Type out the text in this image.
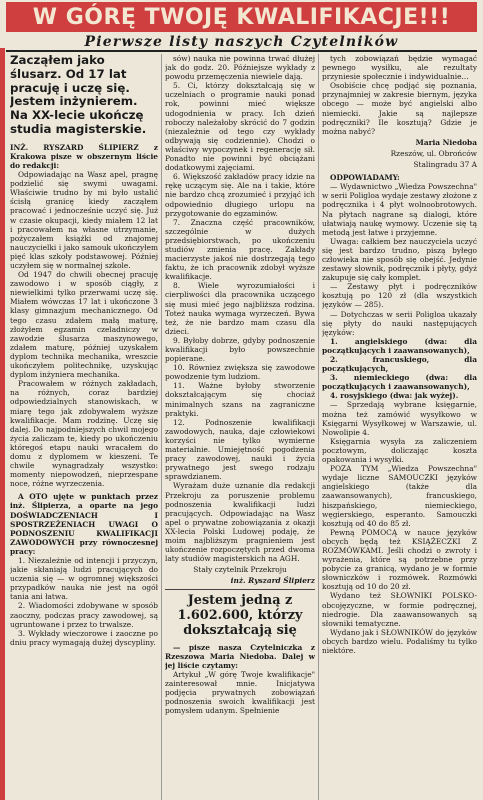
W GÓRĘ TWOJĘ KWALIFIKACJE!!!
Pierwsze listy naszych Czytelników
Zacząłem jako ślusarz. Od 17 lat pracuję i uczę się. Jestem inżynierem. Na XX-lecie ukończę studia magisterskie.

INŻ. RYSZARD ŚLIPIERZ z Krakowa pisze w obszernym liście do redakcji:

Odpowiadając na Wasz apel, pragnę podzielić się swymi uwagami. Właściwie trudno by mi było ustalić ścisłą granicę kiedy zacząłem pracować i jednocześnie uczyć się. Już w czasie okupacji, kiedy miałem 12 lat i pracowałem na własne utrzymanie, pożyczałem książki od znajomej nauczycielki i jako samouk ukończyłem pięć klas szkoły podstawowej. Później uczyłem się w normalnej szkole.

Od 1947 do chwili obecnej pracuję zawodowo i w sposób ciągły, z niewielkimi tylko przerwami uczę się. Miałem wówczas 17 lat i ukończone 3 klasy gimnazjum mechanicznego. Od tego czasu zdałem małą maturę, złożyłem egzamin czeladniczy w zawodzie ślusarza maszynowego, zdałem maturę, później uzyskałem dyplom technika mechanika, wreszcie ukończyłem politechnikę, uzyskując dyplom inżyniera mechanika.

Pracowałem w różnych zakładach, na różnych, coraz bardziej odpowiedzialnych stanowiskach, w miarę tego jak zdobywałem wyższe kwalifikacje. Mam rodzinę. Uczę się dalej. Do najpodniejszych chwil mojego życia zaliczam te, kiedy po ukończeniu któregoś etapu nauki wracałem do domu z dyplomem w kieszeni. Te chwile wynagradzały wszystko: momenty niepowodzeń, nieprzespane noce, różne wyrzeczenia.

A OTO ujęte w punktach przez inż. Ślipierza, a oparte na jego DOŚWIADCZENIACH I SPOSTRZEŻENIACH UWAGI O PODNOSZENIU KWALIFIKACJI ZAWODOWYCH przy równoczesnej pracy:

1. Niezależnie od intencji i przyczyn, jakie skłaniają ludzi pracujących do uczenia się — w ogromnej większości przypadków nauka nie jest na ogół tania ani łatwa.

2. Wiadomości zdobywane w sposób zaoczny, podczas pracy zawodowej, są ugruntowane i przez to trwalsze.

3. Wykłady wieczorowe i zaoczne po dniu pracy wymagają dużej dyscypliny.

sów) nauka nie powinna trwać dłużej jak do godz. 20. Późniejsze wykłady z powodu przemęczenia niewiele dają.

5. Ci, którzy dokształcają się w uczelniach o programie nauki ponad rok, powinni mieć większe udogodnienia w pracy. Ich dzień roboczy należałoby skrócić do 7 godzin (niezależnie od tego czy wykłady odbywają się codziennie). Chodzi o właściwy wypoczynek i regenerację sił. Ponadto nie powinni być obciążani dodatkowymi zajęciami.

6. Większość zakładów pracy idzie na rękę uczącym się. Ale na i takie, które nie bardzo chcą zrozumieć i przyjąć ich odpowiednio długiego urlopu na przygotowanie do egzaminów.

7. Znaczna część pracowników, szczególnie w dużych przedsiębiorstwach, po ukończeniu studiów zmienia pracę. Zakłady macierzyste jakoś nie dostrzegają tego faktu, że ich pracownik zdobył wyższe kwalifikacje.

8. Wiele wyrozumiałości i cierpliwości dla pracownika uczącego się musi mieć jego najbliższa rodzina. Toteż nauka wymaga wyrzeczeń. Bywa też, że nie bardzo mam czasu dla dzieci.

9. Byłoby dobrze, gdyby podnoszenie kwalifikacji było powszechnie popierane.

10. Równiez zwiększa się zawodowe powodzenie tym ludziom.

11. Ważne byłoby stworzenie dokształcającym się chociaż minimalnych szans na zagraniczne praktyki.

12. Podnoszenie kwalifikacji zawodowych, nauka, daje człowiekowi korzyści nie tylko wymierne materialnie. Umiejętność pogodzenia pracy zawodowej, nauki i życia prywatnego jest swego rodzaju sprawdzianem.

Wyrażam duże uznanie dla redakcji Przekroju za poruszenie problemu podnoszenia kwalifikacji ludzi pracujących. Odpowiadając na Wasz apel o prywatne zobowiązania z okazji XX-lecia Polski Ludowej podaję, że moim najbliższym pragnieniem jest ukończenie rozpoczętych przed dwoma laty studiów magisterskich na AGH.

Stały czytelnik Przekroju

inż. Ryszard Ślipierz

Jestem jedną z 1.602.600, którzy dokształcają się

— pisze nasza Czytelniczka z Rzeszowa Maria Niedoba. Dalej w jej liście czytamy:

Artykuł „W górę Twoje kwalifikacje" zainteresował mnie. Inicjatywa podjęcia prywatnych zobowiązań podnoszenia swoich kwalifikacji jest pomysłem udanym. Spełnienie

tych zobowiązań będzie wymagać pewnego wysiłku, ale rezultaty przyniesie społecznie i indywidualnie...

Osobiście chcę podjąć się poznania, przynajmniej w zakresie biernym, języka obcego — może być angielski albo niemiecki. Jakie są najlepsze podręczniki? Ile kosztują? Gdzie je można nabyć?

Maria Niedoba

Rzeszów, ul. Obrońców

Stalingradu 37 A

ODPOWIADAMY:

— Wydawnictwo „Wiedza Powszechna" w serii Poligloa wydaje zestawy złożone z podręcznika i 4 płyt wolnoobrotowych. Na płytach nagrane są dialogi, które ułatwiają naukę wymowy. Uczenie się tą metodą jest łatwe i przyjemne.

Uwaga: całkiem bez nauczyciela uczyć się jest bardzo trudno, piszą byłego człowieka nie sposób się obejść. Jedynie zestawy słownik, podręcznik i płyty, gdyż zakupuje się cały komplet.

— Zestawy płyt i podręczników kosztują po 120 zł (dla wszystkich języków — 285).

— Dotychczas w serii Poligloa ukazały się płyty do nauki następujących języków:

1. angielskiego (dwa: dla początkujących i zaawansowanych),

2. francuskiego, dla początkujących,

3. niemieckiego (dwa: dla początkujących i zaawansowanych),

4. rosyjskiego (dwa: jak wyżej).

— Sprzedają wybrane księgarnie, można też zamówić wysyłkowo w Księgarni Wysyłkowej w Warszawie, ul. Nowolipie 4.

Księgarnia wysyła za zaliczeniem pocztowym, doliczając koszta opakowania i wysyłki.

POZA TYM „Wiedza Powszechna" wydaje liczne SAMOUCZKI języków angielskiego (także dla zaawansowanych), francuskiego, hiszpańskiego, niemieckiego, węgierskiego, esperanto. Samouczki kosztują od 40 do 85 zł.

Pewną POMOCĄ w nauce języków obcych będą też KSIĄŻECZKI Z ROZMÓWKAMI. Jeśli chodzi o zwroty i wyrażenia, które są potrzebne przy pobycie za granicą, wydano je w formie słowniczków i rozmówek. Rozmówki kosztują od 10 do 20 zł.

Wydano też SŁOWNIKI POLSKO-obcojęzyczne, w formie podręcznej, niedrogie. Dla zaawansowanych są słowniki tematyczne.

Wydano jak i SŁOWNIKÓW do języków obcych bardzo wielu. Podaliśmy tu tylko niektóre.
